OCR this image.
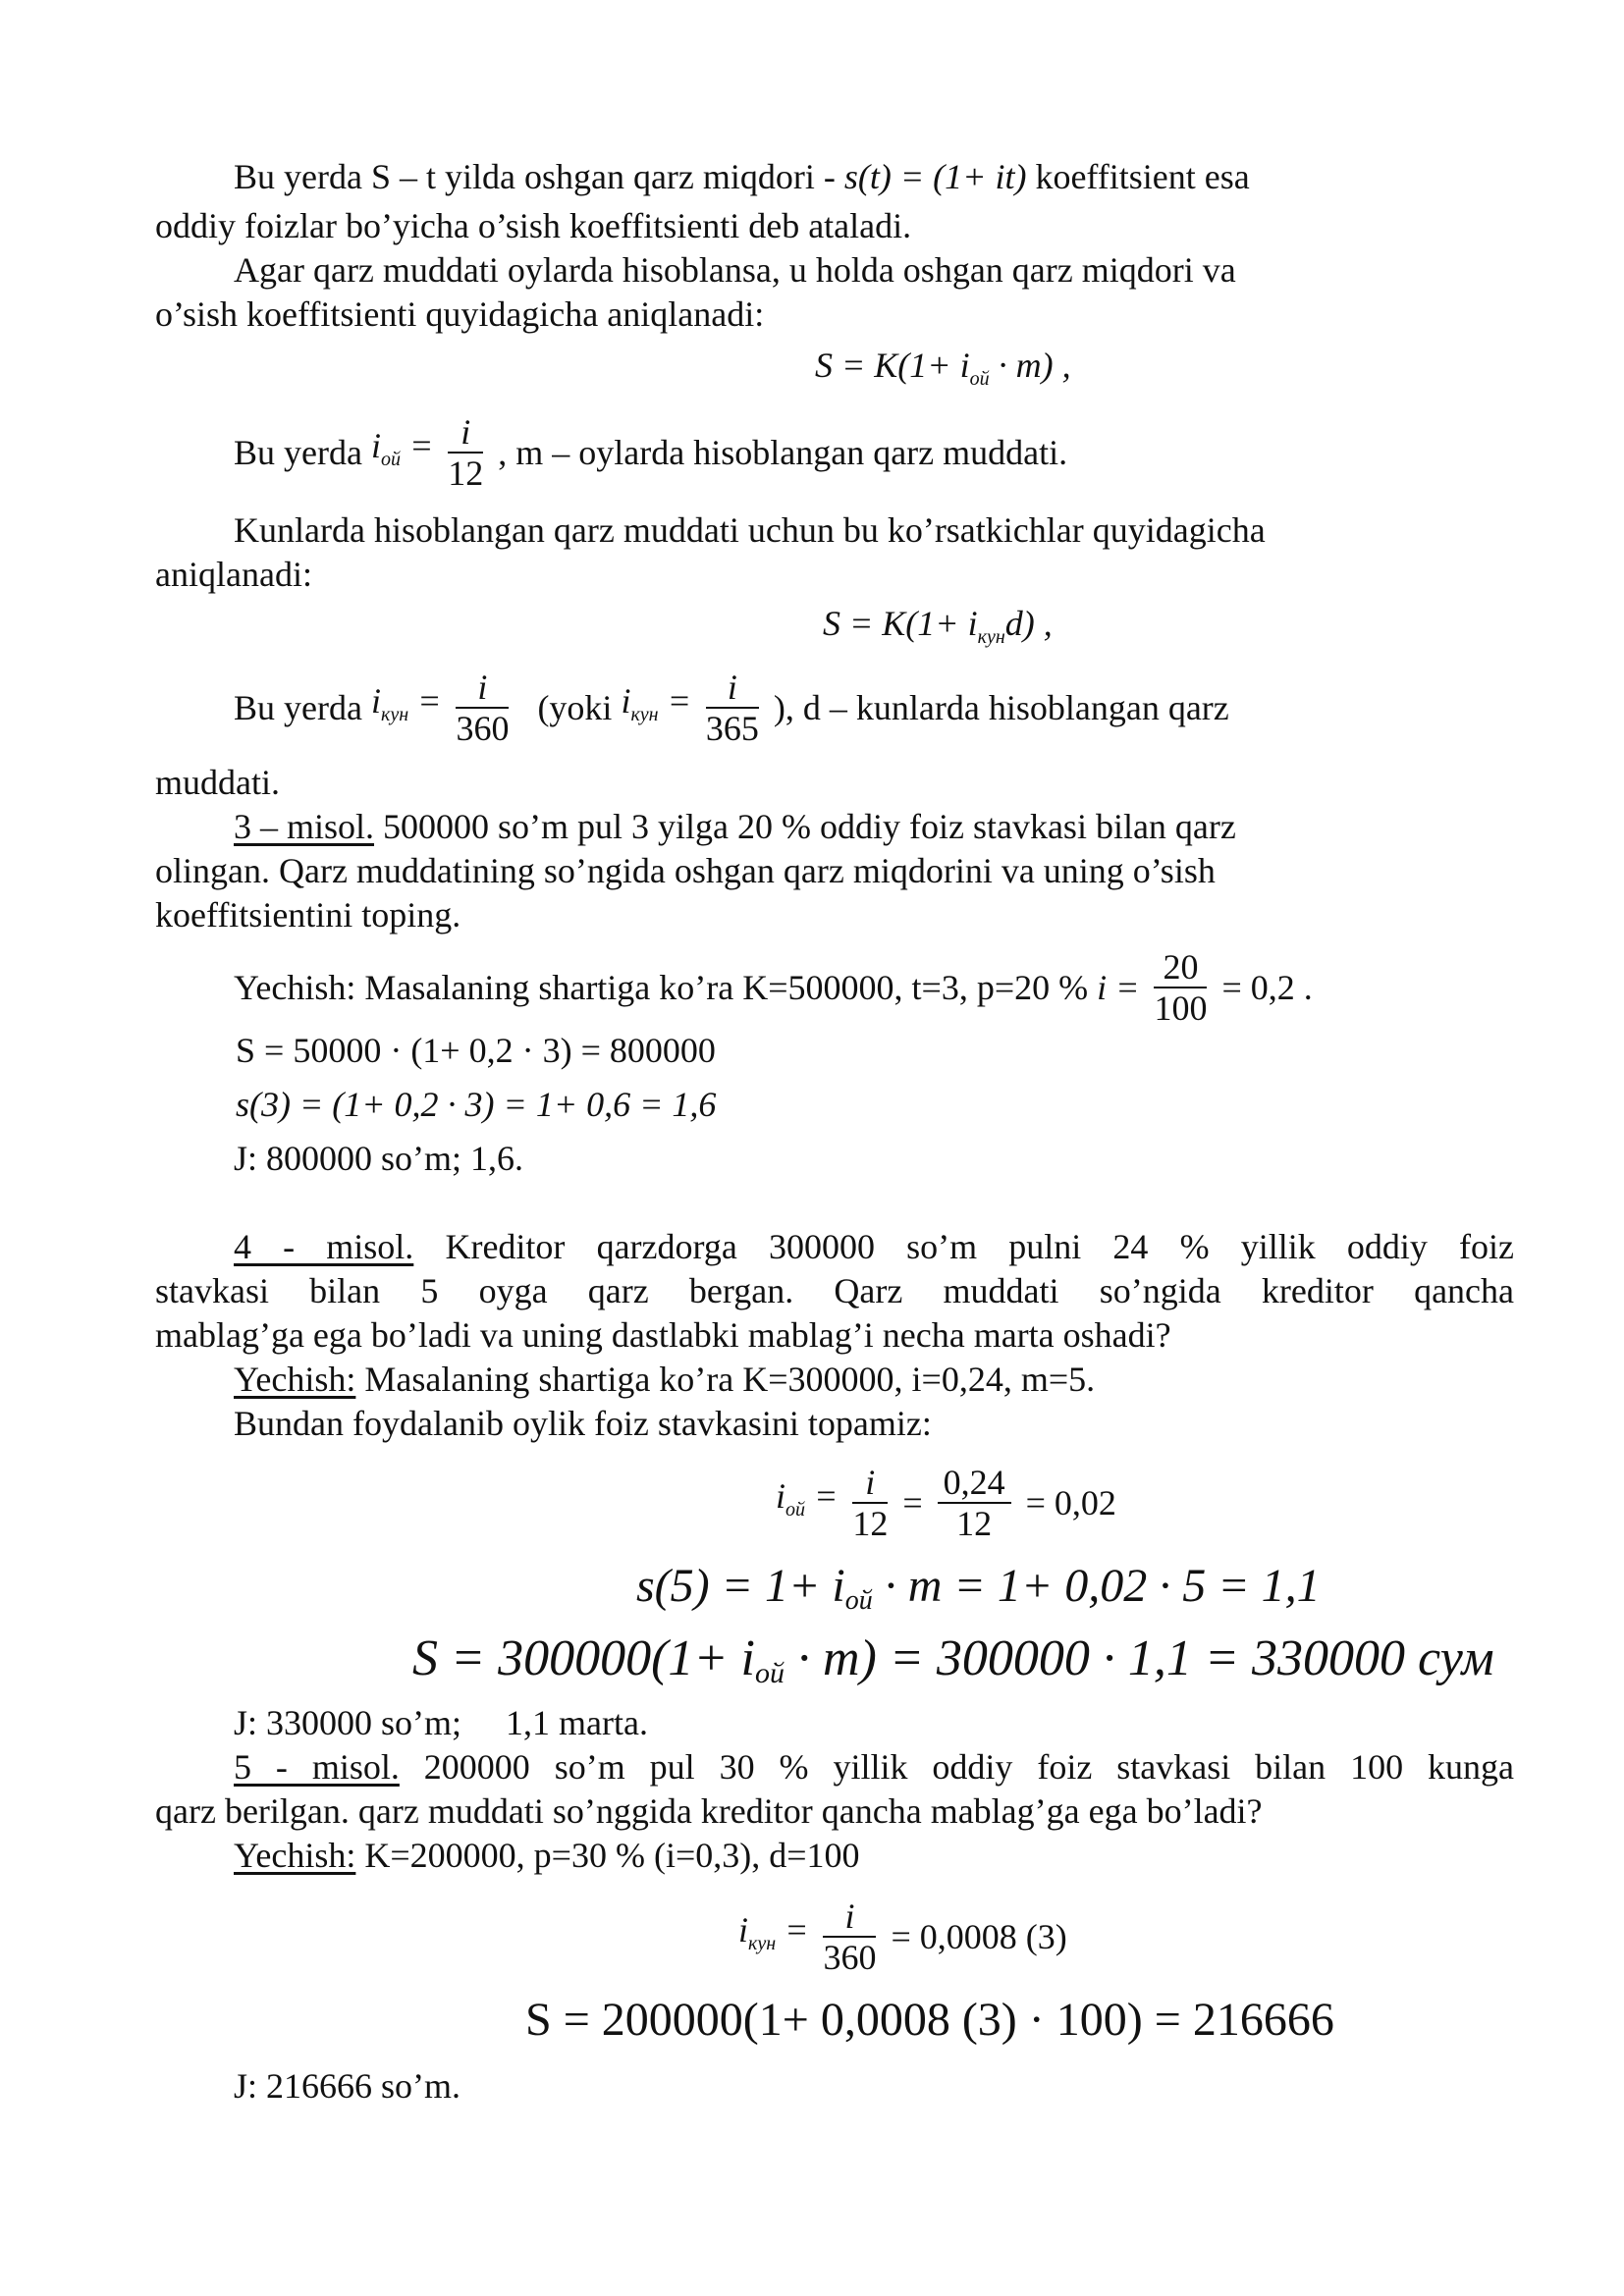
Bu yerda S – t yilda oshgan qarz miqdori - s(t) = (1+ it) koeffitsient esa
oddiy foizlar bo’yicha o’sish koeffitsienti deb ataladi.
Agar qarz muddati oylarda hisoblansa, u holda oshgan qarz miqdori va
o’sish koeffitsienti quyidagicha aniqlanadi:
$S = K(1+ i_{ой} \cdot m)$ ,
Bu yerda $i_{ой} = \frac{i}{12}$ , m – oylarda hisoblangan qarz muddati.
Kunlarda hisoblangan qarz muddati uchun bu ko’rsatkichlar quyidagicha
aniqlanadi:
$S = K(1+ i_{кун}d)$ ,
Bu yerda $i_{кун} = \frac{i}{360}$ (yoki $i_{кун} = \frac{i}{365}$ ), d – kunlarda hisoblangan qarz
muddati.
3 – misol. 500000 so’m pul 3 yilga 20 % oddiy foiz stavkasi bilan qarz
olingan. Qarz muddatining so’ngida oshgan qarz miqdorini va uning o’sish
koeffitsientini toping.
Yechish: Masalaning shartiga ko’ra K=500000, t=3, p=20 % $i = \frac{20}{100} = 0,2$ .
S = 50000 · (1+ 0,2 · 3) = 800000
s(3) = (1+ 0,2 · 3) = 1+ 0,6 = 1,6
J: 800000 so’m; 1,6.
4 - misol. Kreditor qarzdorga 300000 so’m pulni 24 % yillik oddiy foiz
stavkasi bilan 5 oyga qarz bergan. Qarz muddati so’ngida kreditor qancha
mablag’ga ega bo’ladi va uning dastlabki mablag’i necha marta oshadi?
Yechish: Masalaning shartiga ko’ra K=300000, i=0,24, m=5.
Bundan foydalanib oylik foiz stavkasini topamiz:
$i_{ой} = \frac{i}{12} = \frac{0,24}{12} = 0,02$
$s(5) = 1+ i_{ой} \cdot m = 1+ 0,02 \cdot 5 = 1,1$
$S = 300000(1+ i_{ой} \cdot m) = 300000 \cdot 1,1 = 330000$ сум
J: 330000 so’m;     1,1 marta.
5 - misol. 200000 so’m pul 30 % yillik oddiy foiz stavkasi bilan 100 kunga
qarz berilgan. qarz muddati so’nggida kreditor qancha mablag’ga ega bo’ladi?
Yechish: K=200000, p=30 % (i=0,3), d=100
$i_{кун} = \frac{i}{360} = 0,0008$ (3)
S = 200000(1+ 0,0008 (3) · 100) = 216666
J: 216666 so’m.
